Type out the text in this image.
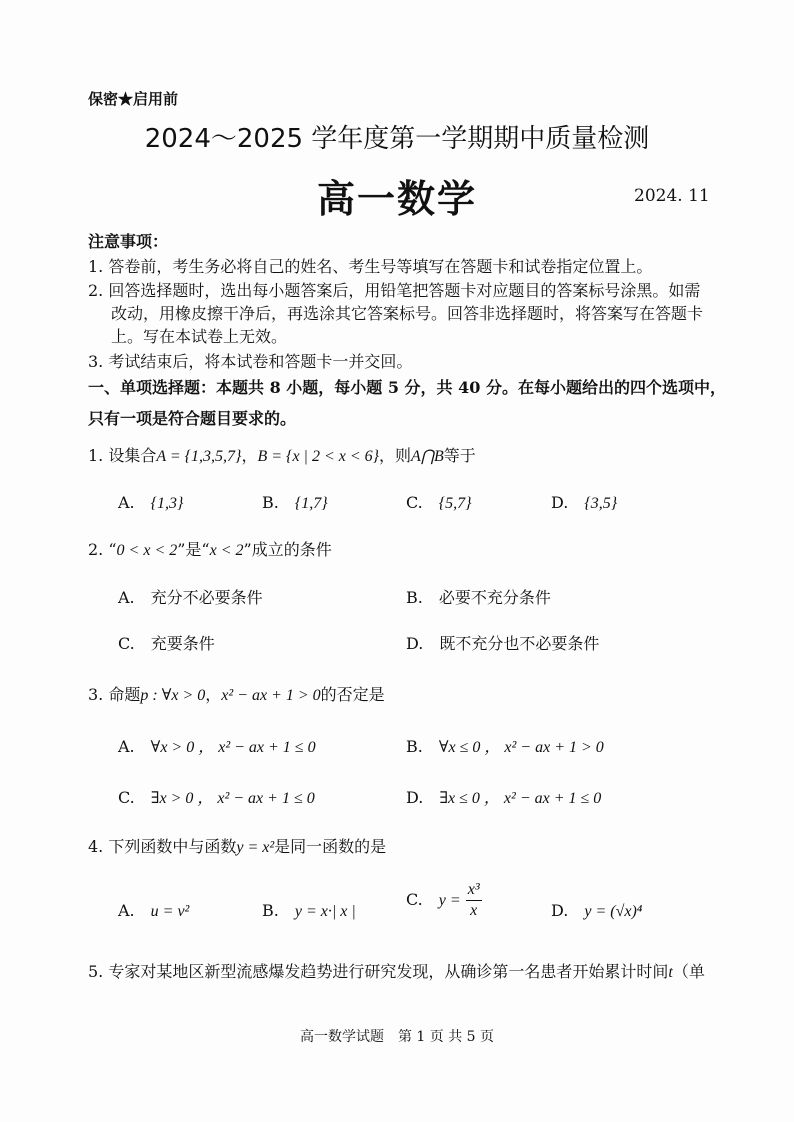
保密★启用前
2024～2025 学年度第一学期期中质量检测
高一数学	2024. 11
注意事项：
1. 答卷前，考生务必将自己的姓名、考生号等填写在答题卡和试卷指定位置上。
2. 回答选择题时，选出每小题答案后，用铅笔把答题卡对应题目的答案标号涂黑。如需
改动，用橡皮擦干净后，再选涂其它答案标号。回答非选择题时，将答案写在答题卡
上。写在本试卷上无效。
3. 考试结束后，将本试卷和答题卡一并交回。
一、单项选择题：本题共 8 小题，每小题 5 分，共 40 分。在每小题给出的四个选项中，
只有一项是符合题目要求的。
1. 设集合A = {1,3,5,7}，B = {x | 2 < x < 6}，则A⋂B等于
A.　 {1,3}	B.　 {1,7}	C.　 {5,7}	D.　 {3,5}
2. “0 < x < 2”是“x < 2”成立的条件
A.　 充分不必要条件	B.　 必要不充分条件
C.　 充要条件	D.　 既不充分也不必要条件
3. 命题p : ∀x > 0，x² − ax + 1 > 0的否定是
A.　 ∀x > 0 ， x² − ax + 1 ≤ 0	B.　 ∀x ≤ 0 ， x² − ax + 1 > 0
C.　 ∃x > 0 ， x² − ax + 1 ≤ 0	D.　 ∃x ≤ 0 ， x² − ax + 1 ≤ 0
4. 下列函数中与函数y = x²是同一函数的是
A.　 u = v²	B.　 y = x·| x |
C.　 $y = \frac{\text{x³}}{x}$	D.　 y = (√x)⁴
5. 专家对某地区新型流感爆发趋势进行研究发现，从确诊第一名患者开始累计时间t（单
高一数学试题　第 1 页 共 5 页
